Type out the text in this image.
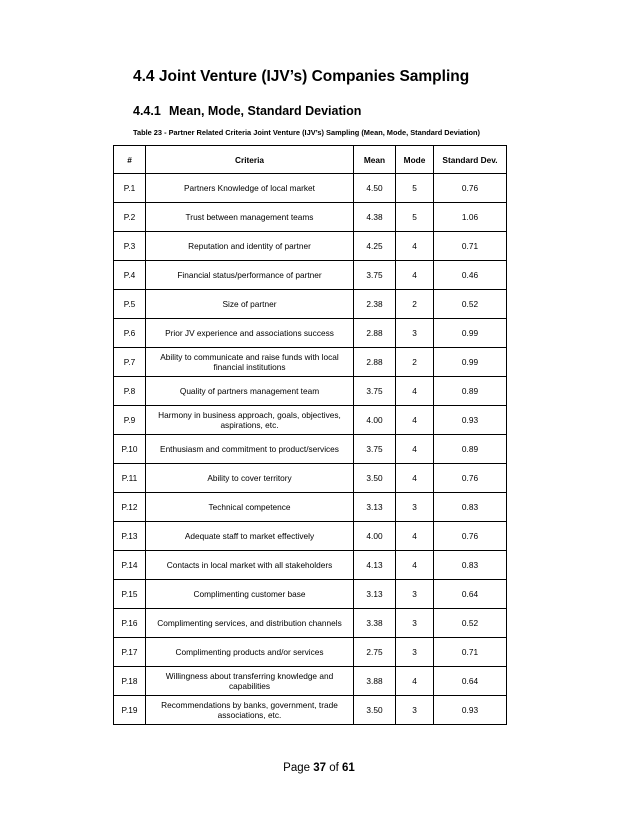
4.4 Joint Venture (IJV’s) Companies Sampling
4.4.1 Mean, Mode, Standard Deviation
Table 23 - Partner Related Criteria Joint Venture (IJV’s) Sampling (Mean, Mode, Standard Deviation)
#	Criteria	Mean	Mode	Standard Dev.
P.1	Partners Knowledge of local market	4.50	5	0.76
P.2	Trust between management teams	4.38	5	1.06
P.3	Reputation and identity of partner	4.25	4	0.71
P.4	Financial status/performance of partner	3.75	4	0.46
P.5	Size of partner	2.38	2	0.52
P.6	Prior JV experience and associations success	2.88	3	0.99
P.7	Ability to communicate and raise funds with local financial institutions	2.88	2	0.99
P.8	Quality of partners management team	3.75	4	0.89
P.9	Harmony in business approach, goals, objectives, aspirations, etc.	4.00	4	0.93
P.10	Enthusiasm and commitment to product/services	3.75	4	0.89
P.11	Ability to cover territory	3.50	4	0.76
P.12	Technical competence	3.13	3	0.83
P.13	Adequate staff to market effectively	4.00	4	0.76
P.14	Contacts in local market with all stakeholders	4.13	4	0.83
P.15	Complimenting customer base	3.13	3	0.64
P.16	Complimenting services, and distribution channels	3.38	3	0.52
P.17	Complimenting products and/or services	2.75	3	0.71
P.18	Willingness about transferring knowledge and capabilities	3.88	4	0.64
P.19	Recommendations by banks, government, trade associations, etc.	3.50	3	0.93
Page 37 of 61
